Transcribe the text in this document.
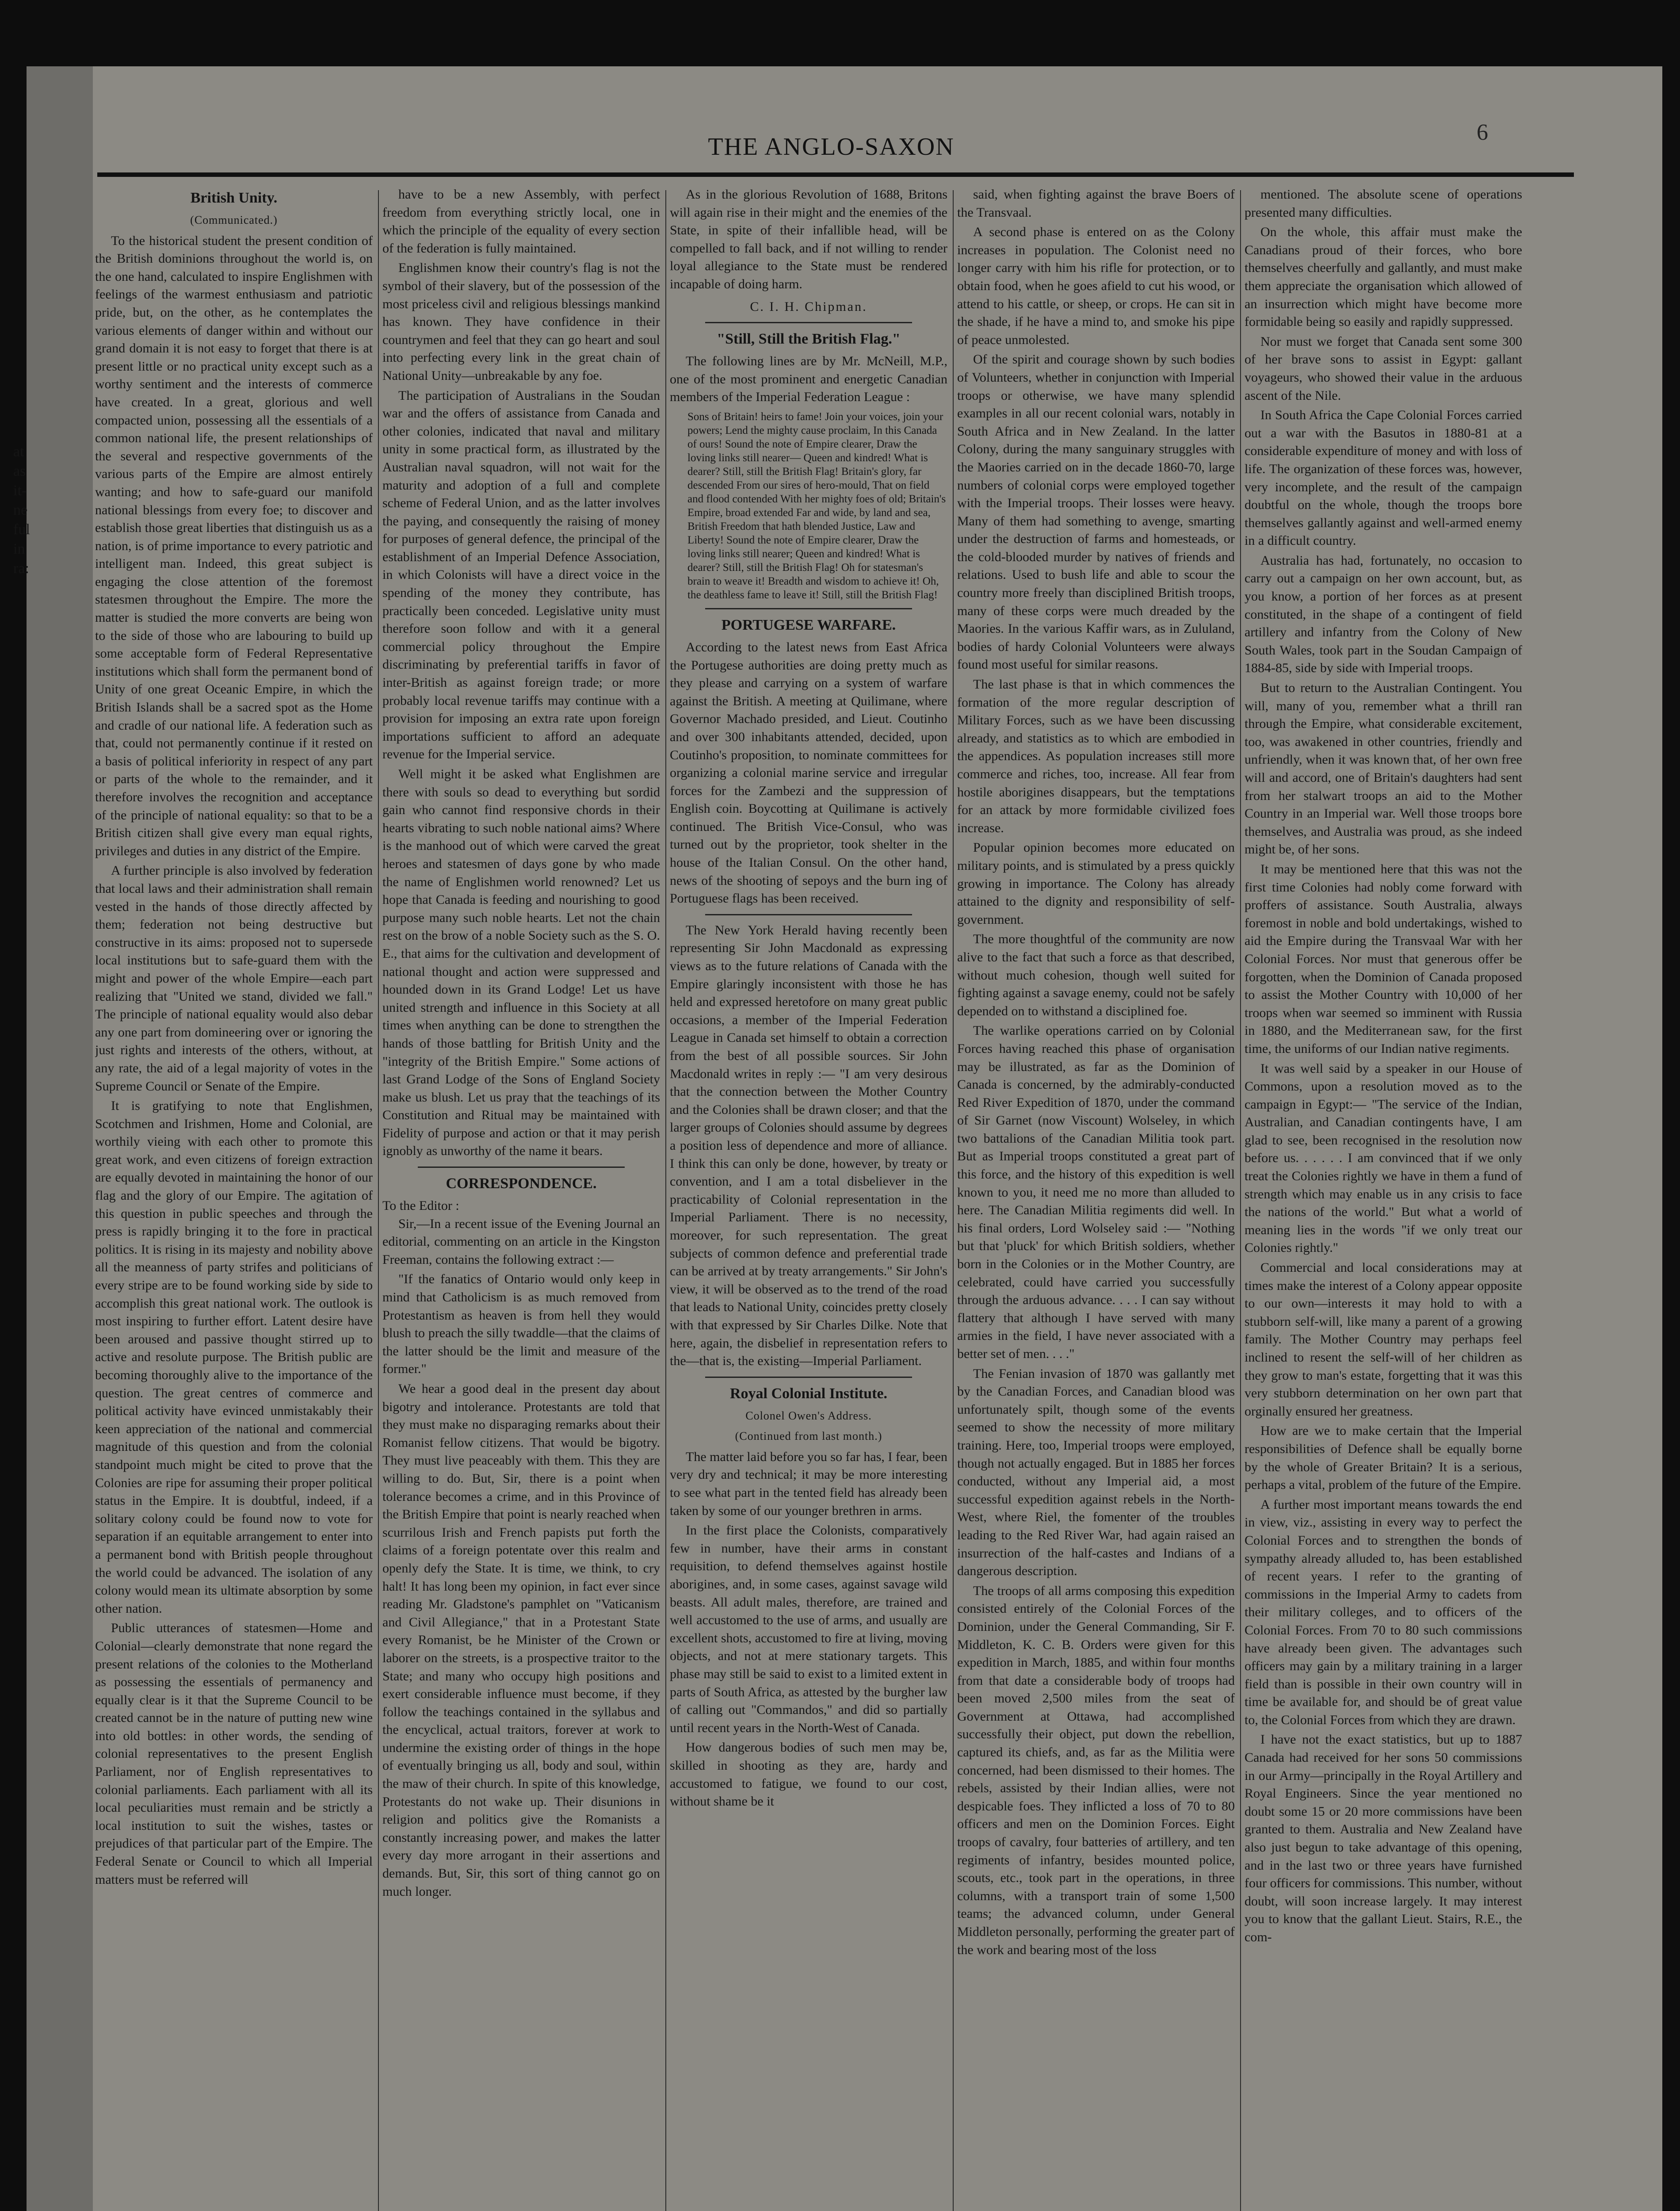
at
as
it-
ne
ful
in
ra:
THE ANGLO-SAXON
6
British Unity.
(Communicated.)

To the historical student the present condition of the British dominions throughout the world is, on the one hand, calculated to inspire Englishmen with feelings of the warmest enthusiasm and patriotic pride, but, on the other, as he contemplates the various elements of danger within and without our grand domain it is not easy to forget that there is at present little or no practical unity except such as a worthy sentiment and the interests of commerce have created. In a great, glorious and well compacted union, possessing all the essentials of a common national life, the present relationships of the several and respective governments of the various parts of the Empire are almost entirely wanting; and how to safe-guard our manifold national blessings from every foe; to discover and establish those great liberties that distinguish us as a nation, is of prime importance to every patriotic and intelligent man. Indeed, this great subject is engaging the close attention of the foremost statesmen throughout the Empire. The more the matter is studied the more converts are being won to the side of those who are labouring to build up some acceptable form of Federal Representative institutions which shall form the permanent bond of Unity of one great Oceanic Empire, in which the British Islands shall be a sacred spot as the Home and cradle of our national life. A federation such as that, could not permanently continue if it rested on a basis of political inferiority in respect of any part or parts of the whole to the remainder, and it therefore involves the recognition and acceptance of the principle of national equality: so that to be a British citizen shall give every man equal rights, privileges and duties in any district of the Empire.

A further principle is also involved by federation that local laws and their administration shall remain vested in the hands of those directly affected by them; federation not being destructive but constructive in its aims: proposed not to supersede local institutions but to safe-guard them with the might and power of the whole Empire—each part realizing that "United we stand, divided we fall." The principle of national equality would also debar any one part from domineering over or ignoring the just rights and interests of the others, without, at any rate, the aid of a legal majority of votes in the Supreme Council or Senate of the Empire.

It is gratifying to note that Englishmen, Scotchmen and Irishmen, Home and Colonial, are worthily vieing with each other to promote this great work, and even citizens of foreign extraction are equally devoted in maintaining the honor of our flag and the glory of our Empire. The agitation of this question in public speeches and through the press is rapidly bringing it to the fore in practical politics. It is rising in its majesty and nobility above all the meanness of party strifes and politicians of every stripe are to be found working side by side to accomplish this great national work. The outlook is most inspiring to further effort. Latent desire have been aroused and passive thought stirred up to active and resolute purpose. The British public are becoming thoroughly alive to the importance of the question. The great centres of commerce and political activity have evinced unmistakably their keen appreciation of the national and commercial magnitude of this question and from the colonial standpoint much might be cited to prove that the Colonies are ripe for assuming their proper political status in the Empire. It is doubtful, indeed, if a solitary colony could be found now to vote for separation if an equitable arrangement to enter into a permanent bond with British people throughout the world could be advanced. The isolation of any colony would mean its ultimate absorption by some other nation.

Public utterances of statesmen—Home and Colonial—clearly demonstrate that none regard the present relations of the colonies to the Motherland as possessing the essentials of permanency and equally clear is it that the Supreme Council to be created cannot be in the nature of putting new wine into old bottles: in other words, the sending of colonial representatives to the present English Parliament, nor of English representatives to colonial parliaments. Each parliament with all its local peculiarities must remain and be strictly a local institution to suit the wishes, tastes or prejudices of that particular part of the Empire. The Federal Senate or Council to which all Imperial matters must be referred will

have to be a new Assembly, with perfect freedom from everything strictly local, one in which the principle of the equality of every section of the federation is fully maintained.

Englishmen know their country's flag is not the symbol of their slavery, but of the possession of the most priceless civil and religious blessings mankind has known. They have confidence in their countrymen and feel that they can go heart and soul into perfecting every link in the great chain of National Unity—unbreakable by any foe.

The participation of Australians in the Soudan war and the offers of assistance from Canada and other colonies, indicated that naval and military unity in some practical form, as illustrated by the Australian naval squadron, will not wait for the maturity and adoption of a full and complete scheme of Federal Union, and as the latter involves the paying, and consequently the raising of money for purposes of general defence, the principal of the establishment of an Imperial Defence Association, in which Colonists will have a direct voice in the spending of the money they contribute, has practically been conceded. Legislative unity must therefore soon follow and with it a general commercial policy throughout the Empire discriminating by preferential tariffs in favor of inter-British as against foreign trade; or more probably local revenue tariffs may continue with a provision for imposing an extra rate upon foreign importations sufficient to afford an adequate revenue for the Imperial service.

Well might it be asked what Englishmen are there with souls so dead to everything but sordid gain who cannot find responsive chords in their hearts vibrating to such noble national aims? Where is the manhood out of which were carved the great heroes and statesmen of days gone by who made the name of Englishmen world renowned? Let us hope that Canada is feeding and nourishing to good purpose many such noble hearts. Let not the chain rest on the brow of a noble Society such as the S. O. E., that aims for the cultivation and development of national thought and action were suppressed and hounded down in its Grand Lodge! Let us have united strength and influence in this Society at all times when anything can be done to strengthen the hands of those battling for British Unity and the "integrity of the British Empire." Some actions of last Grand Lodge of the Sons of England Society make us blush. Let us pray that the teachings of its Constitution and Ritual may be maintained with Fidelity of purpose and action or that it may perish ignobly as unworthy of the name it bears.

CORRESPONDENCE.
To the Editor :

Sir,—In a recent issue of the Evening Journal an editorial, commenting on an article in the Kingston Freeman, contains the following extract :—

"If the fanatics of Ontario would only keep in mind that Catholicism is as much removed from Protestantism as heaven is from hell they would blush to preach the silly twaddle—that the claims of the latter should be the limit and measure of the former."

We hear a good deal in the present day about bigotry and intolerance. Protestants are told that they must make no disparaging remarks about their Romanist fellow citizens. That would be bigotry. They must live peaceably with them. This they are willing to do. But, Sir, there is a point when tolerance becomes a crime, and in this Province of the British Empire that point is nearly reached when scurrilous Irish and French papists put forth the claims of a foreign potentate over this realm and openly defy the State. It is time, we think, to cry halt! It has long been my opinion, in fact ever since reading Mr. Gladstone's pamphlet on "Vaticanism and Civil Allegiance," that in a Protestant State every Romanist, be he Minister of the Crown or laborer on the streets, is a prospective traitor to the State; and many who occupy high positions and exert considerable influence must become, if they follow the teachings contained in the syllabus and the encyclical, actual traitors, forever at work to undermine the existing order of things in the hope of eventually bringing us all, body and soul, within the maw of their church. In spite of this knowledge, Protestants do not wake up. Their disunions in religion and politics give the Romanists a constantly increasing power, and makes the latter every day more arrogant in their assertions and demands. But, Sir, this sort of thing cannot go on much longer.

As in the glorious Revolution of 1688, Britons will again rise in their might and the enemies of the State, in spite of their infallible head, will be compelled to fall back, and if not willing to render loyal allegiance to the State must be rendered incapable of doing harm.

C. I. H. Chipman.
"Still, Still the British Flag."

The following lines are by Mr. McNeill, M.P., one of the most prominent and energetic Canadian members of the Imperial Federation League :

Sons of Britain! heirs to fame! Join your voices, join your powers; Lend the mighty cause proclaim, In this Canada of ours! Sound the note of Empire clearer, Draw the loving links still nearer— Queen and kindred! What is dearer? Still, still the British Flag! Britain's glory, far descended From our sires of hero-mould, That on field and flood contended With her mighty foes of old; Britain's Empire, broad extended Far and wide, by land and sea, British Freedom that hath blended Justice, Law and Liberty! Sound the note of Empire clearer, Draw the loving links still nearer; Queen and kindred! What is dearer? Still, still the British Flag! Oh for statesman's brain to weave it! Breadth and wisdom to achieve it! Oh, the deathless fame to leave it! Still, still the British Flag!
PORTUGESE WARFARE.

According to the latest news from East Africa the Portugese authorities are doing pretty much as they please and carrying on a system of warfare against the British. A meeting at Quilimane, where Governor Machado presided, and Lieut. Coutinho and over 300 inhabitants attended, decided, upon Coutinho's proposition, to nominate committees for organizing a colonial marine service and irregular forces for the Zambezi and the suppression of English coin. Boycotting at Quilimane is actively continued. The British Vice-Consul, who was turned out by the proprietor, took shelter in the house of the Italian Consul. On the other hand, news of the shooting of sepoys and the burn ing of Portuguese flags has been received.

The New York Herald having recently been representing Sir John Macdonald as expressing views as to the future relations of Canada with the Empire glaringly inconsistent with those he has held and expressed heretofore on many great public occasions, a member of the Imperial Federation League in Canada set himself to obtain a correction from the best of all possible sources. Sir John Macdonald writes in reply :— "I am very desirous that the connection between the Mother Country and the Colonies shall be drawn closer; and that the larger groups of Colonies should assume by degrees a position less of dependence and more of alliance. I think this can only be done, however, by treaty or convention, and I am a total disbeliever in the practicability of Colonial representation in the Imperial Parliament. There is no necessity, moreover, for such representation. The great subjects of common defence and preferential trade can be arrived at by treaty arrangements." Sir John's view, it will be observed as to the trend of the road that leads to National Unity, coincides pretty closely with that expressed by Sir Charles Dilke. Note that here, again, the disbelief in representation refers to the—that is, the existing—Imperial Parliament.

Royal Colonial Institute.
Colonel Owen's Address.
(Continued from last month.)

The matter laid before you so far has, I fear, been very dry and technical; it may be more interesting to see what part in the tented field has already been taken by some of our younger brethren in arms.

In the first place the Colonists, comparatively few in number, have their arms in constant requisition, to defend themselves against hostile aborigines, and, in some cases, against savage wild beasts. All adult males, therefore, are trained and well accustomed to the use of arms, and usually are excellent shots, accustomed to fire at living, moving objects, and not at mere stationary targets. This phase may still be said to exist to a limited extent in parts of South Africa, as attested by the burgher law of calling out "Commandos," and did so partially until recent years in the North-West of Canada.

How dangerous bodies of such men may be, skilled in shooting as they are, hardy and accustomed to fatigue, we found to our cost, without shame be it

said, when fighting against the brave Boers of the Transvaal.

A second phase is entered on as the Colony increases in population. The Colonist need no longer carry with him his rifle for protection, or to obtain food, when he goes afield to cut his wood, or attend to his cattle, or sheep, or crops. He can sit in the shade, if he have a mind to, and smoke his pipe of peace unmolested.

Of the spirit and courage shown by such bodies of Volunteers, whether in conjunction with Imperial troops or otherwise, we have many splendid examples in all our recent colonial wars, notably in South Africa and in New Zealand. In the latter Colony, during the many sanguinary struggles with the Maories carried on in the decade 1860-70, large numbers of colonial corps were employed together with the Imperial troops. Their losses were heavy. Many of them had something to avenge, smarting under the destruction of farms and homesteads, or the cold-blooded murder by natives of friends and relations. Used to bush life and able to scour the country more freely than disciplined British troops, many of these corps were much dreaded by the Maories. In the various Kaffir wars, as in Zululand, bodies of hardy Colonial Volunteers were always found most useful for similar reasons.

The last phase is that in which commences the formation of the more regular description of Military Forces, such as we have been discussing already, and statistics as to which are embodied in the appendices. As population increases still more commerce and riches, too, increase. All fear from hostile aborigines disappears, but the temptations for an attack by more formidable civilized foes increase.

Popular opinion becomes more educated on military points, and is stimulated by a press quickly growing in importance. The Colony has already attained to the dignity and responsibility of self-government.

The more thoughtful of the community are now alive to the fact that such a force as that described, without much cohesion, though well suited for fighting against a savage enemy, could not be safely depended on to withstand a disciplined foe.

The warlike operations carried on by Colonial Forces having reached this phase of organisation may be illustrated, as far as the Dominion of Canada is concerned, by the admirably-conducted Red River Expedition of 1870, under the command of Sir Garnet (now Viscount) Wolseley, in which two battalions of the Canadian Militia took part. But as Imperial troops constituted a great part of this force, and the history of this expedition is well known to you, it need me no more than alluded to here. The Canadian Militia regiments did well. In his final orders, Lord Wolseley said :— "Nothing but that 'pluck' for which British soldiers, whether born in the Colonies or in the Mother Country, are celebrated, could have carried you successfully through the arduous advance. . . . I can say without flattery that although I have served with many armies in the field, I have never associated with a better set of men. . . ."

The Fenian invasion of 1870 was gallantly met by the Canadian Forces, and Canadian blood was unfortunately spilt, though some of the events seemed to show the necessity of more military training. Here, too, Imperial troops were employed, though not actually engaged. But in 1885 her forces conducted, without any Imperial aid, a most successful expedition against rebels in the North-West, where Riel, the fomenter of the troubles leading to the Red River War, had again raised an insurrection of the half-castes and Indians of a dangerous description.

The troops of all arms composing this expedition consisted entirely of the Colonial Forces of the Dominion, under the General Commanding, Sir F. Middleton, K. C. B. Orders were given for this expedition in March, 1885, and within four months from that date a considerable body of troops had been moved 2,500 miles from the seat of Government at Ottawa, had accomplished successfully their object, put down the rebellion, captured its chiefs, and, as far as the Militia were concerned, had been dismissed to their homes. The rebels, assisted by their Indian allies, were not despicable foes. They inflicted a loss of 70 to 80 officers and men on the Dominion Forces. Eight troops of cavalry, four batteries of artillery, and ten regiments of infantry, besides mounted police, scouts, etc., took part in the operations, in three columns, with a transport train of some 1,500 teams; the advanced column, under General Middleton personally, performing the greater part of the work and bearing most of the loss

mentioned. The absolute scene of operations presented many difficulties.

On the whole, this affair must make the Canadians proud of their forces, who bore themselves cheerfully and gallantly, and must make them appreciate the organisation which allowed of an insurrection which might have become more formidable being so easily and rapidly suppressed.

Nor must we forget that Canada sent some 300 of her brave sons to assist in Egypt: gallant voyageurs, who showed their value in the arduous ascent of the Nile.

In South Africa the Cape Colonial Forces carried out a war with the Basutos in 1880-81 at a considerable expenditure of money and with loss of life. The organization of these forces was, however, very incomplete, and the result of the campaign doubtful on the whole, though the troops bore themselves gallantly against and well-armed enemy in a difficult country.

Australia has had, fortunately, no occasion to carry out a campaign on her own account, but, as you know, a portion of her forces as at present constituted, in the shape of a contingent of field artillery and infantry from the Colony of New South Wales, took part in the Soudan Campaign of 1884-85, side by side with Imperial troops.

But to return to the Australian Contingent. You will, many of you, remember what a thrill ran through the Empire, what considerable excitement, too, was awakened in other countries, friendly and unfriendly, when it was known that, of her own free will and accord, one of Britain's daughters had sent from her stalwart troops an aid to the Mother Country in an Imperial war. Well those troops bore themselves, and Australia was proud, as she indeed might be, of her sons.

It may be mentioned here that this was not the first time Colonies had nobly come forward with proffers of assistance. South Australia, always foremost in noble and bold undertakings, wished to aid the Empire during the Transvaal War with her Colonial Forces. Nor must that generous offer be forgotten, when the Dominion of Canada proposed to assist the Mother Country with 10,000 of her troops when war seemed so imminent with Russia in 1880, and the Mediterranean saw, for the first time, the uniforms of our Indian native regiments.

It was well said by a speaker in our House of Commons, upon a resolution moved as to the campaign in Egypt:— "The service of the Indian, Australian, and Canadian contingents have, I am glad to see, been recognised in the resolution now before us. . . . . . I am convinced that if we only treat the Colonies rightly we have in them a fund of strength which may enable us in any crisis to face the nations of the world." But what a world of meaning lies in the words "if we only treat our Colonies rightly."

Commercial and local considerations may at times make the interest of a Colony appear opposite to our own—interests it may hold to with a stubborn self-will, like many a parent of a growing family. The Mother Country may perhaps feel inclined to resent the self-will of her children as they grow to man's estate, forgetting that it was this very stubborn determination on her own part that orginally ensured her greatness.

How are we to make certain that the Imperial responsibilities of Defence shall be equally borne by the whole of Greater Britain? It is a serious, perhaps a vital, problem of the future of the Empire.

A further most important means towards the end in view, viz., assisting in every way to perfect the Colonial Forces and to strengthen the bonds of sympathy already alluded to, has been established of recent years. I refer to the granting of commissions in the Imperial Army to cadets from their military colleges, and to officers of the Colonial Forces. From 70 to 80 such commissions have already been given. The advantages such officers may gain by a military training in a larger field than is possible in their own country will in time be available for, and should be of great value to, the Colonial Forces from which they are drawn.

I have not the exact statistics, but up to 1887 Canada had received for her sons 50 commissions in our Army—principally in the Royal Artillery and Royal Engineers. Since the year mentioned no doubt some 15 or 20 more commissions have been granted to them. Australia and New Zealand have also just begun to take advantage of this opening, and in the last two or three years have furnished four officers for commissions. This number, without doubt, will soon increase largely. It may interest you to know that the gallant Lieut. Stairs, R.E., the com-
